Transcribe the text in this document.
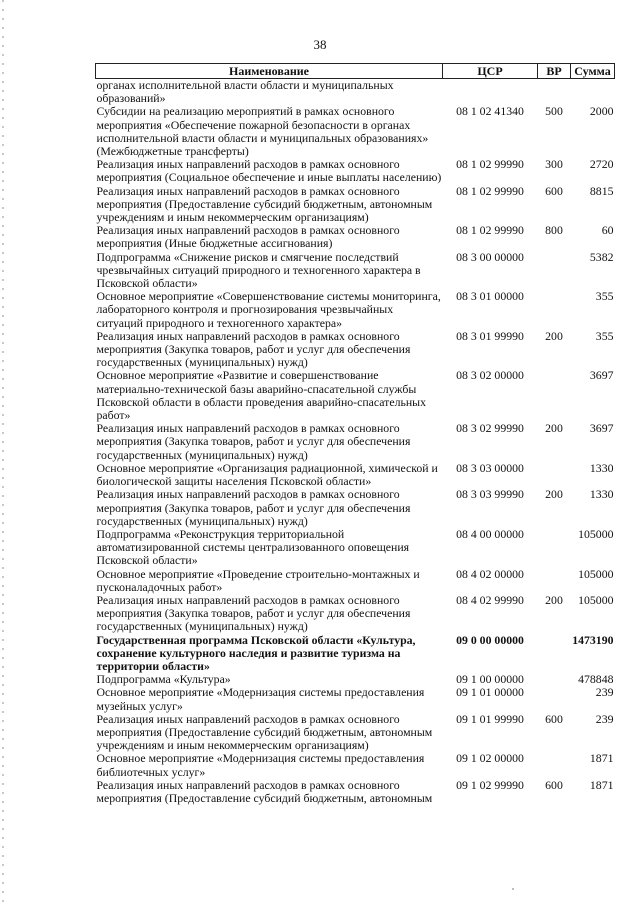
38
Наименование	ЦСР	ВР	Сумма
органах исполнительной власти области и муниципальных образований»			
Субсидии на реализацию мероприятий в рамках основного мероприятия «Обеспечение пожарной безопасности в органах исполнительной власти области и муниципальных образованиях» (Межбюджетные трансферты)	08 1 02 41340	500	2000
Реализация иных направлений расходов в рамках основного мероприятия (Социальное обеспечение и иные выплаты населению)	08 1 02 99990	300	2720
Реализация иных направлений расходов в рамках основного мероприятия (Предоставление субсидий бюджетным, автономным учреждениям и иным некоммерческим организациям)	08 1 02 99990	600	8815
Реализация иных направлений расходов в рамках основного мероприятия (Иные бюджетные ассигнования)	08 1 02 99990	800	60
Подпрограмма «Снижение рисков и смягчение последствий чрезвычайных ситуаций природного и техногенного характера в Псковской области»	08 3 00 00000		5382
Основное мероприятие «Совершенствование системы мониторинга, лабораторного контроля и прогнозирования чрезвычайных ситуаций природного и техногенного характера»	08 3 01 00000		355
Реализация иных направлений расходов в рамках основного мероприятия (Закупка товаров, работ и услуг для обеспечения государственных (муниципальных) нужд)	08 3 01 99990	200	355
Основное мероприятие «Развитие и совершенствование материально-технической базы аварийно-спасательной службы Псковской области в области проведения аварийно-спасательных работ»	08 3 02 00000		3697
Реализация иных направлений расходов в рамках основного мероприятия (Закупка товаров, работ и услуг для обеспечения государственных (муниципальных) нужд)	08 3 02 99990	200	3697
Основное мероприятие «Организация радиационной, химической и биологической защиты населения Псковской области»	08 3 03 00000		1330
Реализация иных направлений расходов в рамках основного мероприятия (Закупка товаров, работ и услуг для обеспечения государственных (муниципальных) нужд)	08 3 03 99990	200	1330
Подпрограмма «Реконструкция территориальной автоматизированной системы централизованного оповещения Псковской области»	08 4 00 00000		105000
Основное мероприятие «Проведение строительно-монтажных и пусконаладочных работ»	08 4 02 00000		105000
Реализация иных направлений расходов в рамках основного мероприятия (Закупка товаров, работ и услуг для обеспечения государственных (муниципальных) нужд)	08 4 02 99990	200	105000
Государственная программа Псковской области «Культура, сохранение культурного наследия и развитие туризма на территории области»	09 0 00 00000		1473190
Подпрограмма «Культура»	09 1 00 00000		478848
Основное мероприятие «Модернизация системы предоставления музейных услуг»	09 1 01 00000		239
Реализация иных направлений расходов в рамках основного мероприятия (Предоставление субсидий бюджетным, автономным учреждениям и иным некоммерческим организациям)	09 1 01 99990	600	239
Основное мероприятие «Модернизация системы предоставления библиотечных услуг»	09 1 02 00000		1871
Реализация иных направлений расходов в рамках основного мероприятия (Предоставление субсидий бюджетным, автономным	09 1 02 99990	600	1871
